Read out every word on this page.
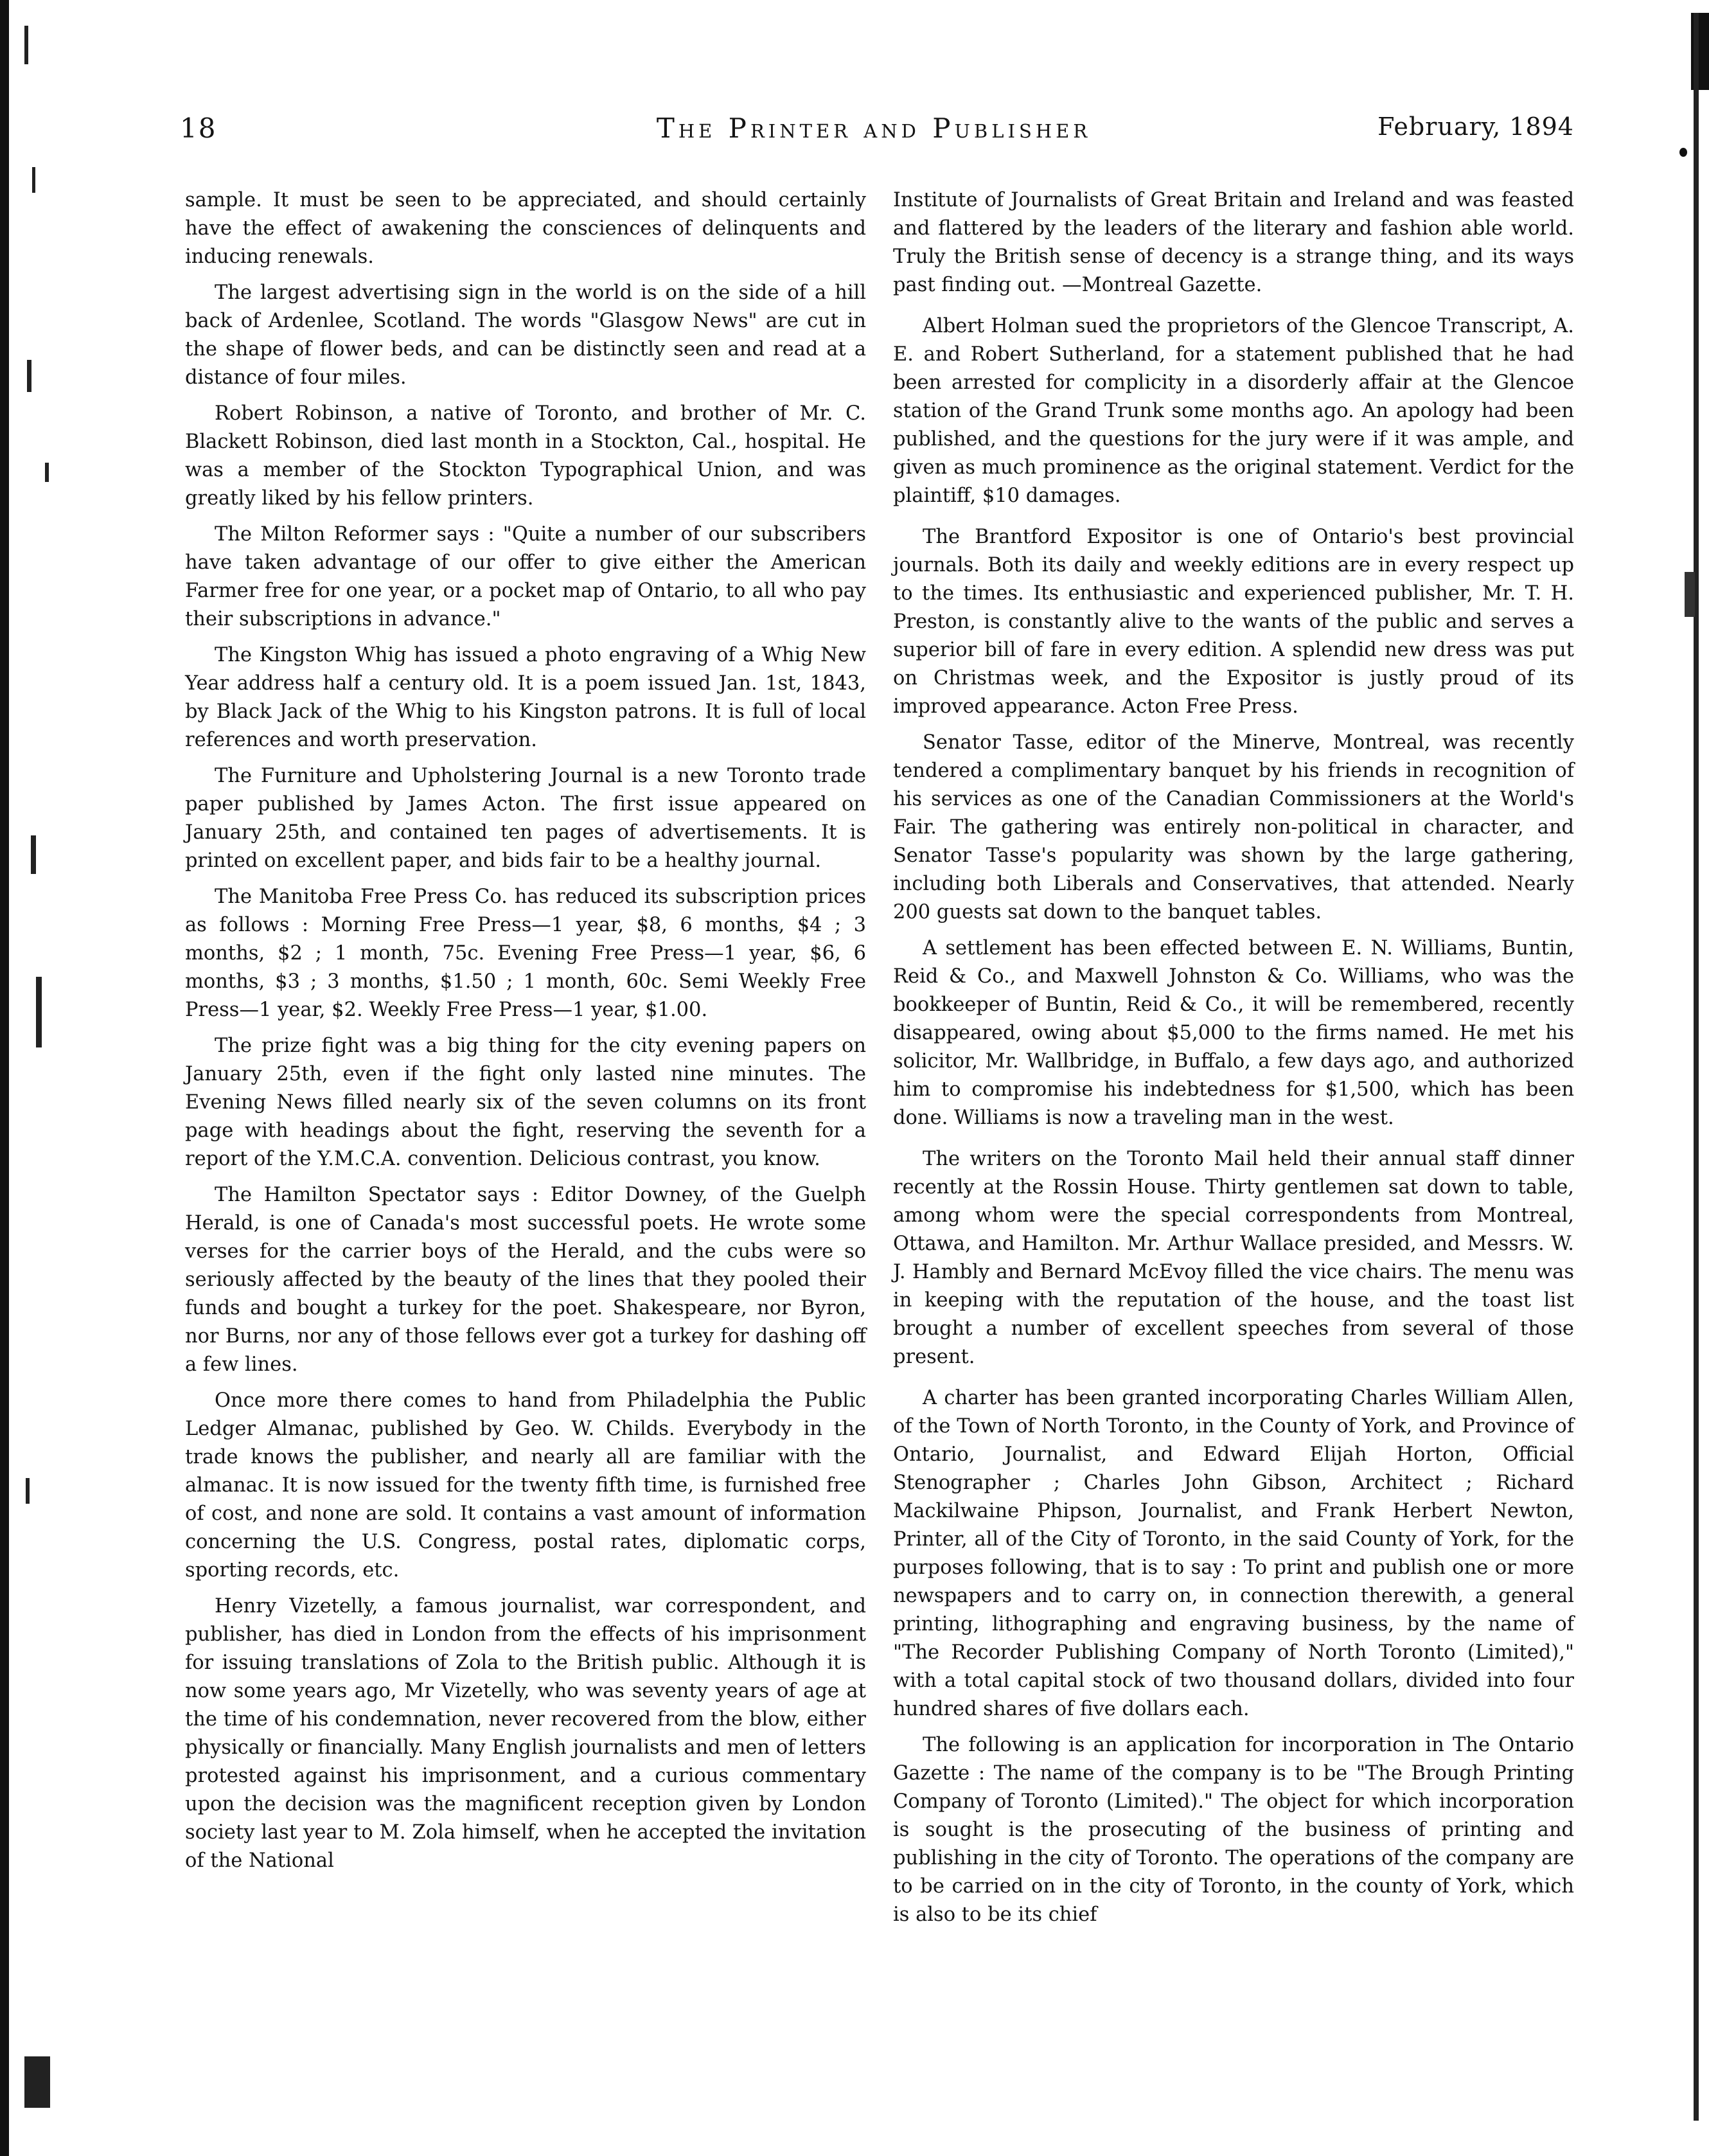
18	The Printer and Publisher	February, 1894

sample. It must be seen to be appreciated, and should certainly have the effect of awakening the consciences of delinquents and inducing renewals.

The largest advertising sign in the world is on the side of a hill back of Ardenlee, Scotland. The words "Glasgow News" are cut in the shape of flower beds, and can be distinctly seen and read at a distance of four miles.

Robert Robinson, a native of Toronto, and brother of Mr. C. Blackett Robinson, died last month in a Stockton, Cal., hospital. He was a member of the Stockton Typographical Union, and was greatly liked by his fellow printers.

The Milton Reformer says : "Quite a number of our subscribers have taken advantage of our offer to give either the American Farmer free for one year, or a pocket map of Ontario, to all who pay their subscriptions in advance."

The Kingston Whig has issued a photo engraving of a Whig New Year address half a century old. It is a poem issued Jan. 1st, 1843, by Black Jack of the Whig to his Kingston patrons. It is full of local references and worth preservation.

The Furniture and Upholstering Journal is a new Toronto trade paper published by James Acton. The first issue appeared on January 25th, and contained ten pages of advertisements. It is printed on excellent paper, and bids fair to be a healthy journal.

The Manitoba Free Press Co. has reduced its subscription prices as follows : Morning Free Press—1 year, $8, 6 months, $4 ; 3 months, $2 ; 1 month, 75c. Evening Free Press—1 year, $6, 6 months, $3 ; 3 months, $1.50 ; 1 month, 60c. Semi Weekly Free Press—1 year, $2. Weekly Free Press—1 year, $1.00.

The prize fight was a big thing for the city evening papers on January 25th, even if the fight only lasted nine minutes. The Evening News filled nearly six of the seven columns on its front page with headings about the fight, reserving the seventh for a report of the Y.M.C.A. convention. Delicious contrast, you know.

The Hamilton Spectator says : Editor Downey, of the Guelph Herald, is one of Canada's most successful poets. He wrote some verses for the carrier boys of the Herald, and the cubs were so seriously affected by the beauty of the lines that they pooled their funds and bought a turkey for the poet. Shakespeare, nor Byron, nor Burns, nor any of those fellows ever got a turkey for dashing off a few lines.

Once more there comes to hand from Philadelphia the Public Ledger Almanac, published by Geo. W. Childs. Everybody in the trade knows the publisher, and nearly all are familiar with the almanac. It is now issued for the twenty fifth time, is furnished free of cost, and none are sold. It contains a vast amount of information concerning the U.S. Congress, postal rates, diplomatic corps, sporting records, etc.

Henry Vizetelly, a famous journalist, war correspondent, and publisher, has died in London from the effects of his imprisonment for issuing translations of Zola to the British public. Although it is now some years ago, Mr Vizetelly, who was seventy years of age at the time of his condemnation, never recovered from the blow, either physically or financially. Many English journalists and men of letters protested against his imprisonment, and a curious commentary upon the decision was the magnificent reception given by London society last year to M. Zola himself, when he accepted the invitation of the National

Institute of Journalists of Great Britain and Ireland and was feasted and flattered by the leaders of the literary and fashion able world. Truly the British sense of decency is a strange thing, and its ways past finding out. —Montreal Gazette.

Albert Holman sued the proprietors of the Glencoe Transcript, A. E. and Robert Sutherland, for a statement published that he had been arrested for complicity in a disorderly affair at the Glencoe station of the Grand Trunk some months ago. An apology had been published, and the questions for the jury were if it was ample, and given as much prominence as the original statement. Verdict for the plaintiff, $10 damages.

The Brantford Expositor is one of Ontario's best provincial journals. Both its daily and weekly editions are in every respect up to the times. Its enthusiastic and experienced publisher, Mr. T. H. Preston, is constantly alive to the wants of the public and serves a superior bill of fare in every edition. A splendid new dress was put on Christmas week, and the Expositor is justly proud of its improved appearance. Acton Free Press.

Senator Tasse, editor of the Minerve, Montreal, was recently tendered a complimentary banquet by his friends in recognition of his services as one of the Canadian Commissioners at the World's Fair. The gathering was entirely non-political in character, and Senator Tasse's popularity was shown by the large gathering, including both Liberals and Conservatives, that attended. Nearly 200 guests sat down to the banquet tables.

A settlement has been effected between E. N. Williams, Buntin, Reid & Co., and Maxwell Johnston & Co. Williams, who was the bookkeeper of Buntin, Reid & Co., it will be remembered, recently disappeared, owing about $5,000 to the firms named. He met his solicitor, Mr. Wallbridge, in Buffalo, a few days ago, and authorized him to compromise his indebtedness for $1,500, which has been done. Williams is now a traveling man in the west.

The writers on the Toronto Mail held their annual staff dinner recently at the Rossin House. Thirty gentlemen sat down to table, among whom were the special correspondents from Montreal, Ottawa, and Hamilton. Mr. Arthur Wallace presided, and Messrs. W. J. Hambly and Bernard McEvoy filled the vice chairs. The menu was in keeping with the reputation of the house, and the toast list brought a number of excellent speeches from several of those present.

A charter has been granted incorporating Charles William Allen, of the Town of North Toronto, in the County of York, and Province of Ontario, Journalist, and Edward Elijah Horton, Official Stenographer ; Charles John Gibson, Architect ; Richard Mackilwaine Phipson, Journalist, and Frank Herbert Newton, Printer, all of the City of Toronto, in the said County of York, for the purposes following, that is to say : To print and publish one or more newspapers and to carry on, in connection therewith, a general printing, lithographing and engraving business, by the name of "The Recorder Publishing Company of North Toronto (Limited)," with a total capital stock of two thousand dollars, divided into four hundred shares of five dollars each.

The following is an application for incorporation in The Ontario Gazette : The name of the company is to be "The Brough Printing Company of Toronto (Limited)." The object for which incorporation is sought is the prosecuting of the business of printing and publishing in the city of Toronto. The operations of the company are to be carried on in the city of Toronto, in the county of York, which is also to be its chief
